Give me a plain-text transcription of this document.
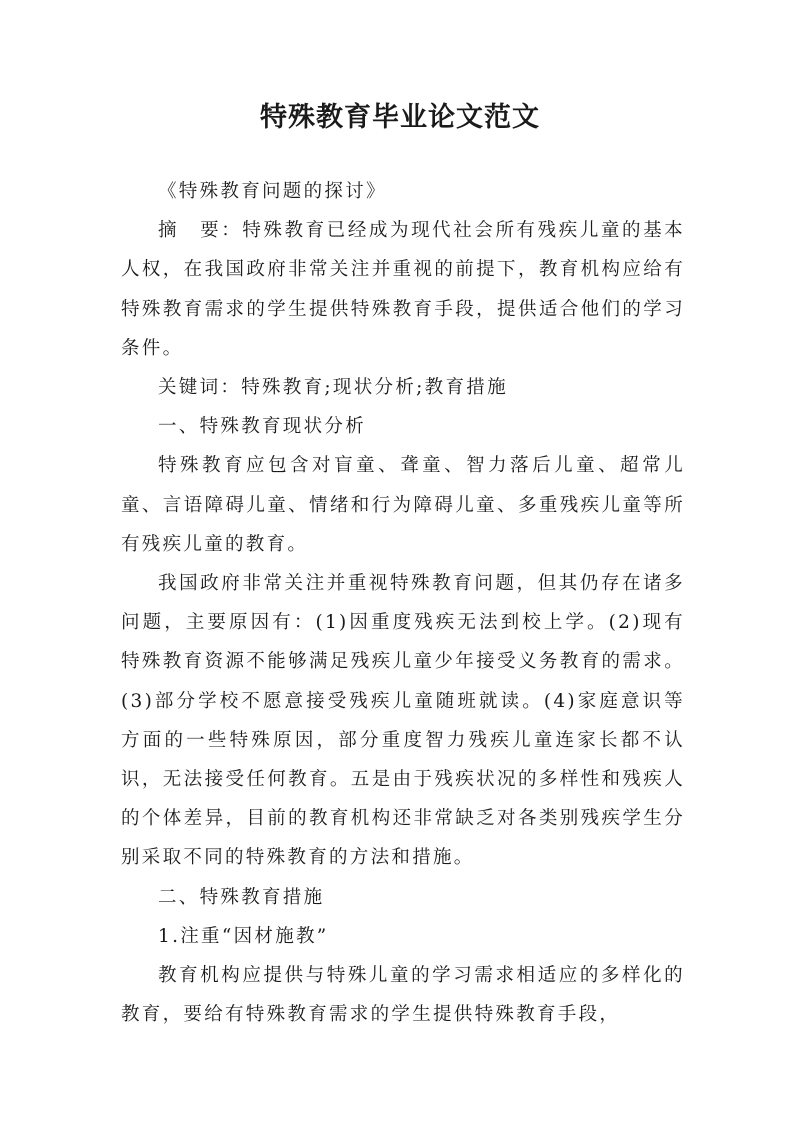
特殊教育毕业论文范文

《特殊教育问题的探讨》

摘　要：特殊教育已经成为现代社会所有残疾儿童的基本人权，在我国政府非常关注并重视的前提下，教育机构应给有特殊教育需求的学生提供特殊教育手段，提供适合他们的学习条件。

关键词：特殊教育;现状分析;教育措施

一、特殊教育现状分析

特殊教育应包含对盲童、聋童、智力落后儿童、超常儿童、言语障碍儿童、情绪和行为障碍儿童、多重残疾儿童等所有残疾儿童的教育。

我国政府非常关注并重视特殊教育问题，但其仍存在诸多问题，主要原因有：(1)因重度残疾无法到校上学。(2)现有特殊教育资源不能够满足残疾儿童少年接受义务教育的需求。(3)部分学校不愿意接受残疾儿童随班就读。(4)家庭意识等方面的一些特殊原因，部分重度智力残疾儿童连家长都不认识，无法接受任何教育。五是由于残疾状况的多样性和残疾人的个体差异，目前的教育机构还非常缺乏对各类别残疾学生分别采取不同的特殊教育的方法和措施。

二、特殊教育措施

1.注重“因材施教”

教育机构应提供与特殊儿童的学习需求相适应的多样化的教育，要给有特殊教育需求的学生提供特殊教育手段，
